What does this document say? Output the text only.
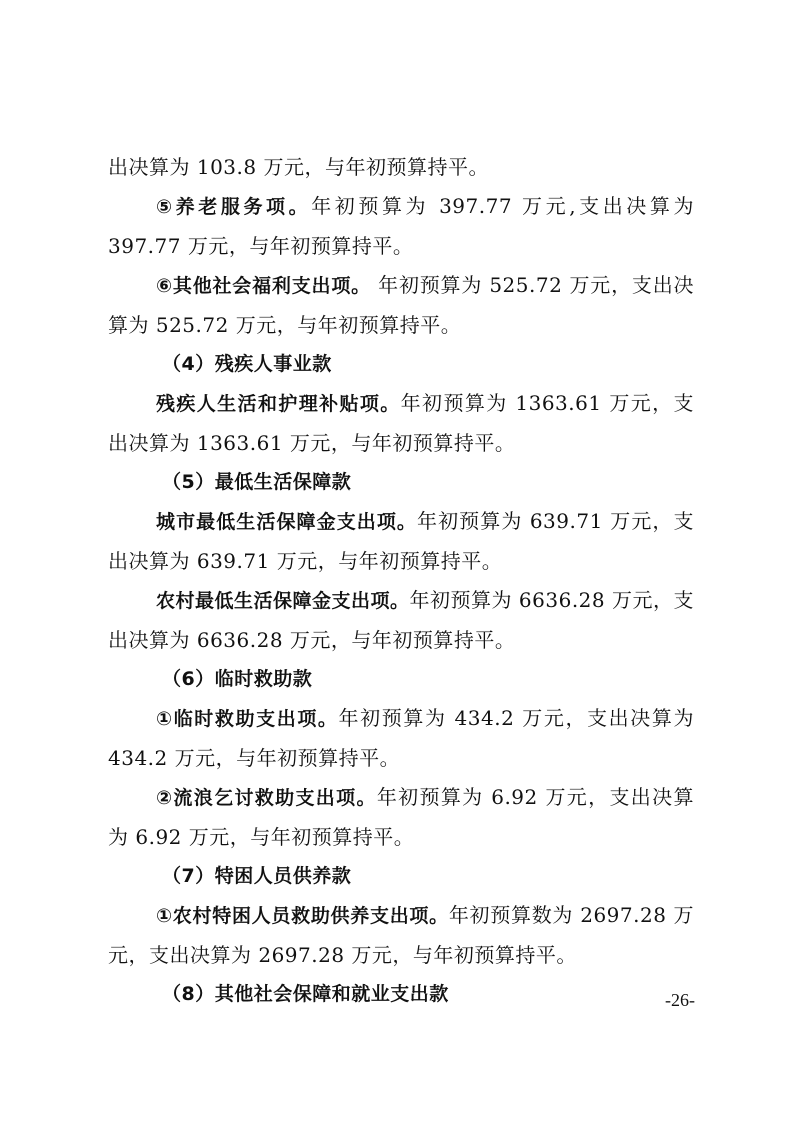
出决算为 103.8 万元，与年初预算持平。

⑤养老服务项。年初预算为 397.77 万元,支出决算为 397.77 万元，与年初预算持平。

⑥其他社会福利支出项。 年初预算为 525.72 万元，支出决算为 525.72 万元，与年初预算持平。

（4）残疾人事业款

残疾人生活和护理补贴项。年初预算为 1363.61 万元，支出决算为 1363.61 万元，与年初预算持平。

（5）最低生活保障款

城市最低生活保障金支出项。年初预算为 639.71 万元，支出决算为 639.71 万元，与年初预算持平。

农村最低生活保障金支出项。年初预算为 6636.28 万元，支出决算为 6636.28 万元，与年初预算持平。

（6）临时救助款

①临时救助支出项。年初预算为 434.2 万元，支出决算为 434.2 万元，与年初预算持平。

②流浪乞讨救助支出项。年初预算为 6.92 万元，支出决算为 6.92 万元，与年初预算持平。

（7）特困人员供养款

①农村特困人员救助供养支出项。年初预算数为 2697.28 万元，支出决算为 2697.28 万元，与年初预算持平。

（8）其他社会保障和就业支出款	-26-
